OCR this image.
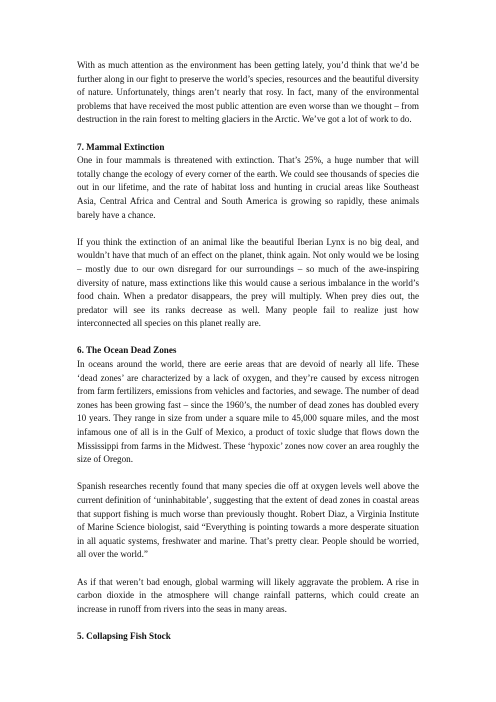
With as much attention as the environment has been getting lately, you’d think that we’d be further along in our fight to preserve the world’s species, resources and the beautiful diversity of nature. Unfortunately, things aren’t nearly that rosy. In fact, many of the environmental problems that have received the most public attention are even worse than we thought – from destruction in the rain forest to melting glaciers in the Arctic. We’ve got a lot of work to do.

7. Mammal Extinction

One in four mammals is threatened with extinction. That’s 25%, a huge number that will totally change the ecology of every corner of the earth. We could see thousands of species die out in our lifetime, and the rate of habitat loss and hunting in crucial areas like Southeast Asia, Central Africa and Central and South America is growing so rapidly, these animals barely have a chance.

If you think the extinction of an animal like the beautiful Iberian Lynx is no big deal, and wouldn’t have that much of an effect on the planet, think again. Not only would we be losing – mostly due to our own disregard for our surroundings – so much of the awe-inspiring diversity of nature, mass extinctions like this would cause a serious imbalance in the world’s food chain. When a predator disappears, the prey will multiply. When prey dies out, the predator will see its ranks decrease as well. Many people fail to realize just how interconnected all species on this planet really are.

6. The Ocean Dead Zones

In oceans around the world, there are eerie areas that are devoid of nearly all life. These ‘dead zones’ are characterized by a lack of oxygen, and they’re caused by excess nitrogen from farm fertilizers, emissions from vehicles and factories, and sewage. The number of dead zones has been growing fast – since the 1960’s, the number of dead zones has doubled every 10 years. They range in size from under a square mile to 45,000 square miles, and the most infamous one of all is in the Gulf of Mexico, a product of toxic sludge that flows down the Mississippi from farms in the Midwest. These ‘hypoxic’ zones now cover an area roughly the size of Oregon.

Spanish researches recently found that many species die off at oxygen levels well above the current definition of ‘uninhabitable’, suggesting that the extent of dead zones in coastal areas that support fishing is much worse than previously thought. Robert Diaz, a Virginia Institute of Marine Science biologist, said “Everything is pointing towards a more desperate situation in all aquatic systems, freshwater and marine. That’s pretty clear. People should be worried, all over the world.”

As if that weren’t bad enough, global warming will likely aggravate the problem. A rise in carbon dioxide in the atmosphere will change rainfall patterns, which could create an increase in runoff from rivers into the seas in many areas.

5. Collapsing Fish Stock
